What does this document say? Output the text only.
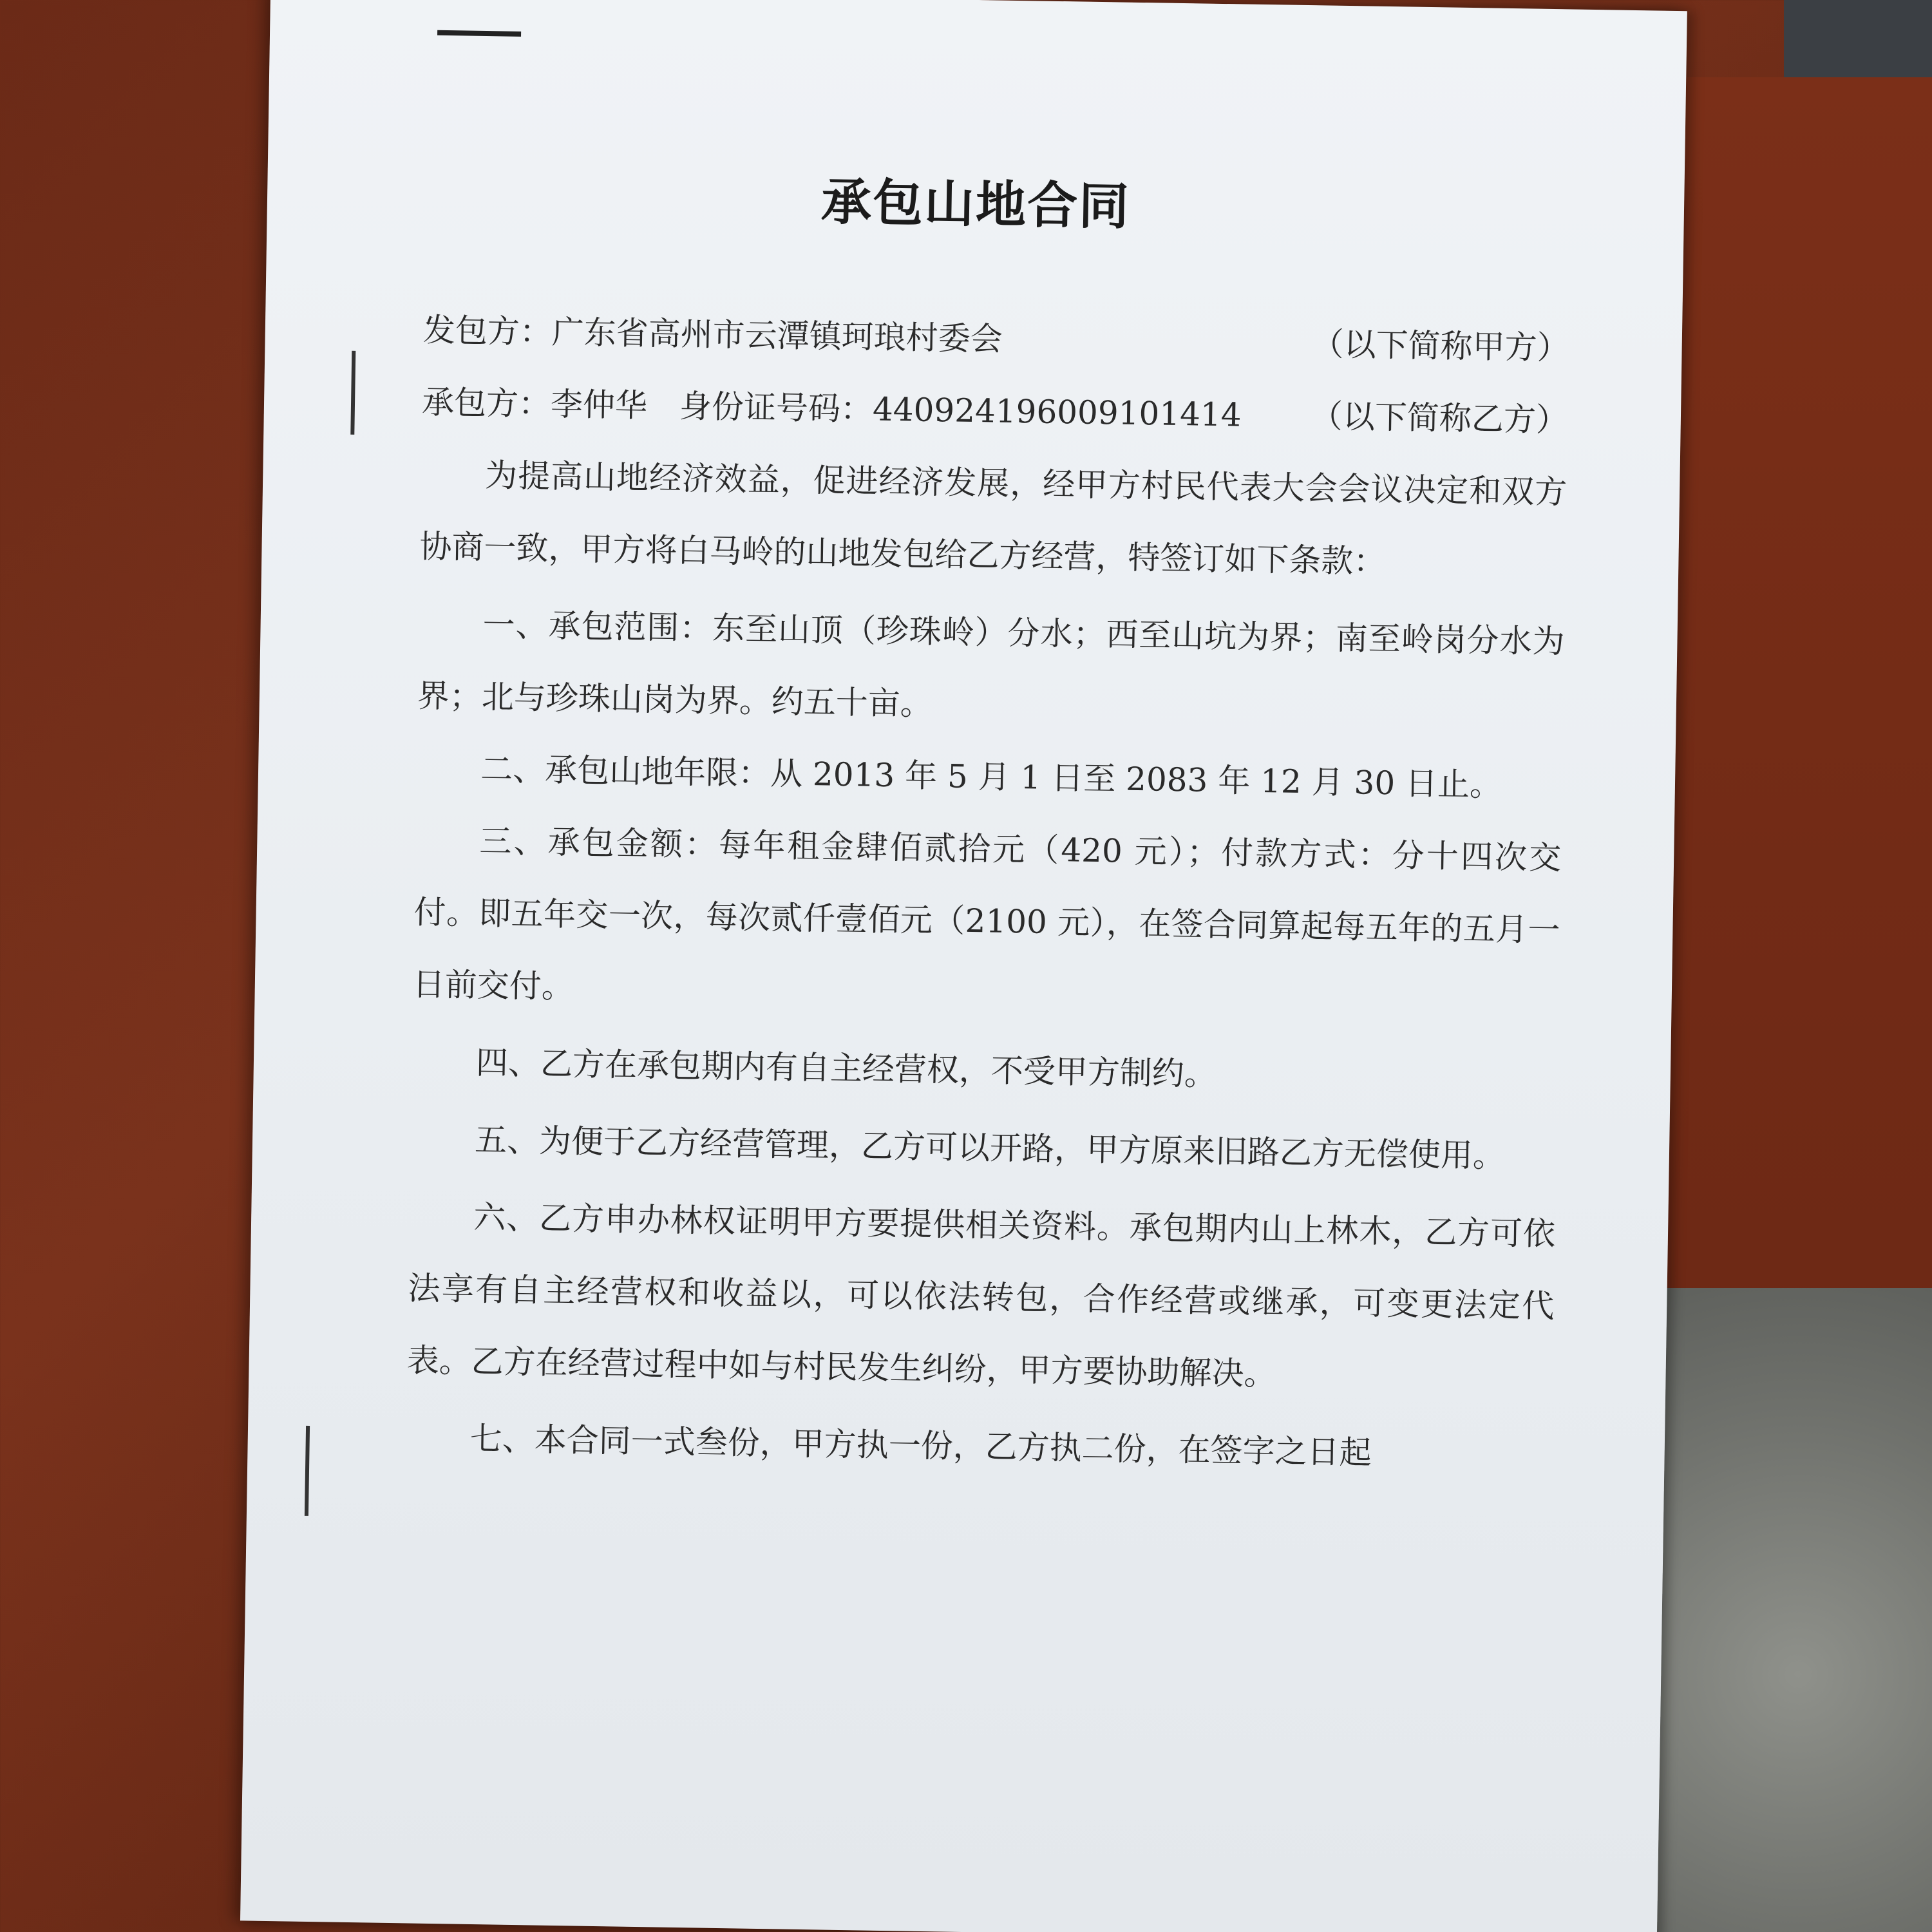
承包山地合同
发包方：广东省高州市云潭镇珂琅村委会	（以下简称甲方）
承包方：李仲华　身份证号码：440924196009101414 （以下简称乙方）

为提高山地经济效益，促进经济发展，经甲方村民代表大会会议决定和双方协商一致，甲方将白马岭的山地发包给乙方经营，特签订如下条款：

一、承包范围：东至山顶（珍珠岭）分水；西至山坑为界；南至岭岗分水为界；北与珍珠山岗为界。约五十亩。

二、承包山地年限：从 2013 年 5 月 1 日至 2083 年 12 月 30 日止。

三、承包金额：每年租金肆佰贰拾元（420 元）；付款方式：分十四次交付。即五年交一次，每次贰仟壹佰元（2100 元），在签合同算起每五年的五月一日前交付。

四、乙方在承包期内有自主经营权，不受甲方制约。

五、为便于乙方经营管理，乙方可以开路，甲方原来旧路乙方无偿使用。

六、乙方申办林权证明甲方要提供相关资料。承包期内山上林木，乙方可依法享有自主经营权和收益以，可以依法转包，合作经营或继承，可变更法定代表。乙方在经营过程中如与村民发生纠纷，甲方要协助解决。

七、本合同一式叁份，甲方执一份，乙方执二份，在签字之日起
